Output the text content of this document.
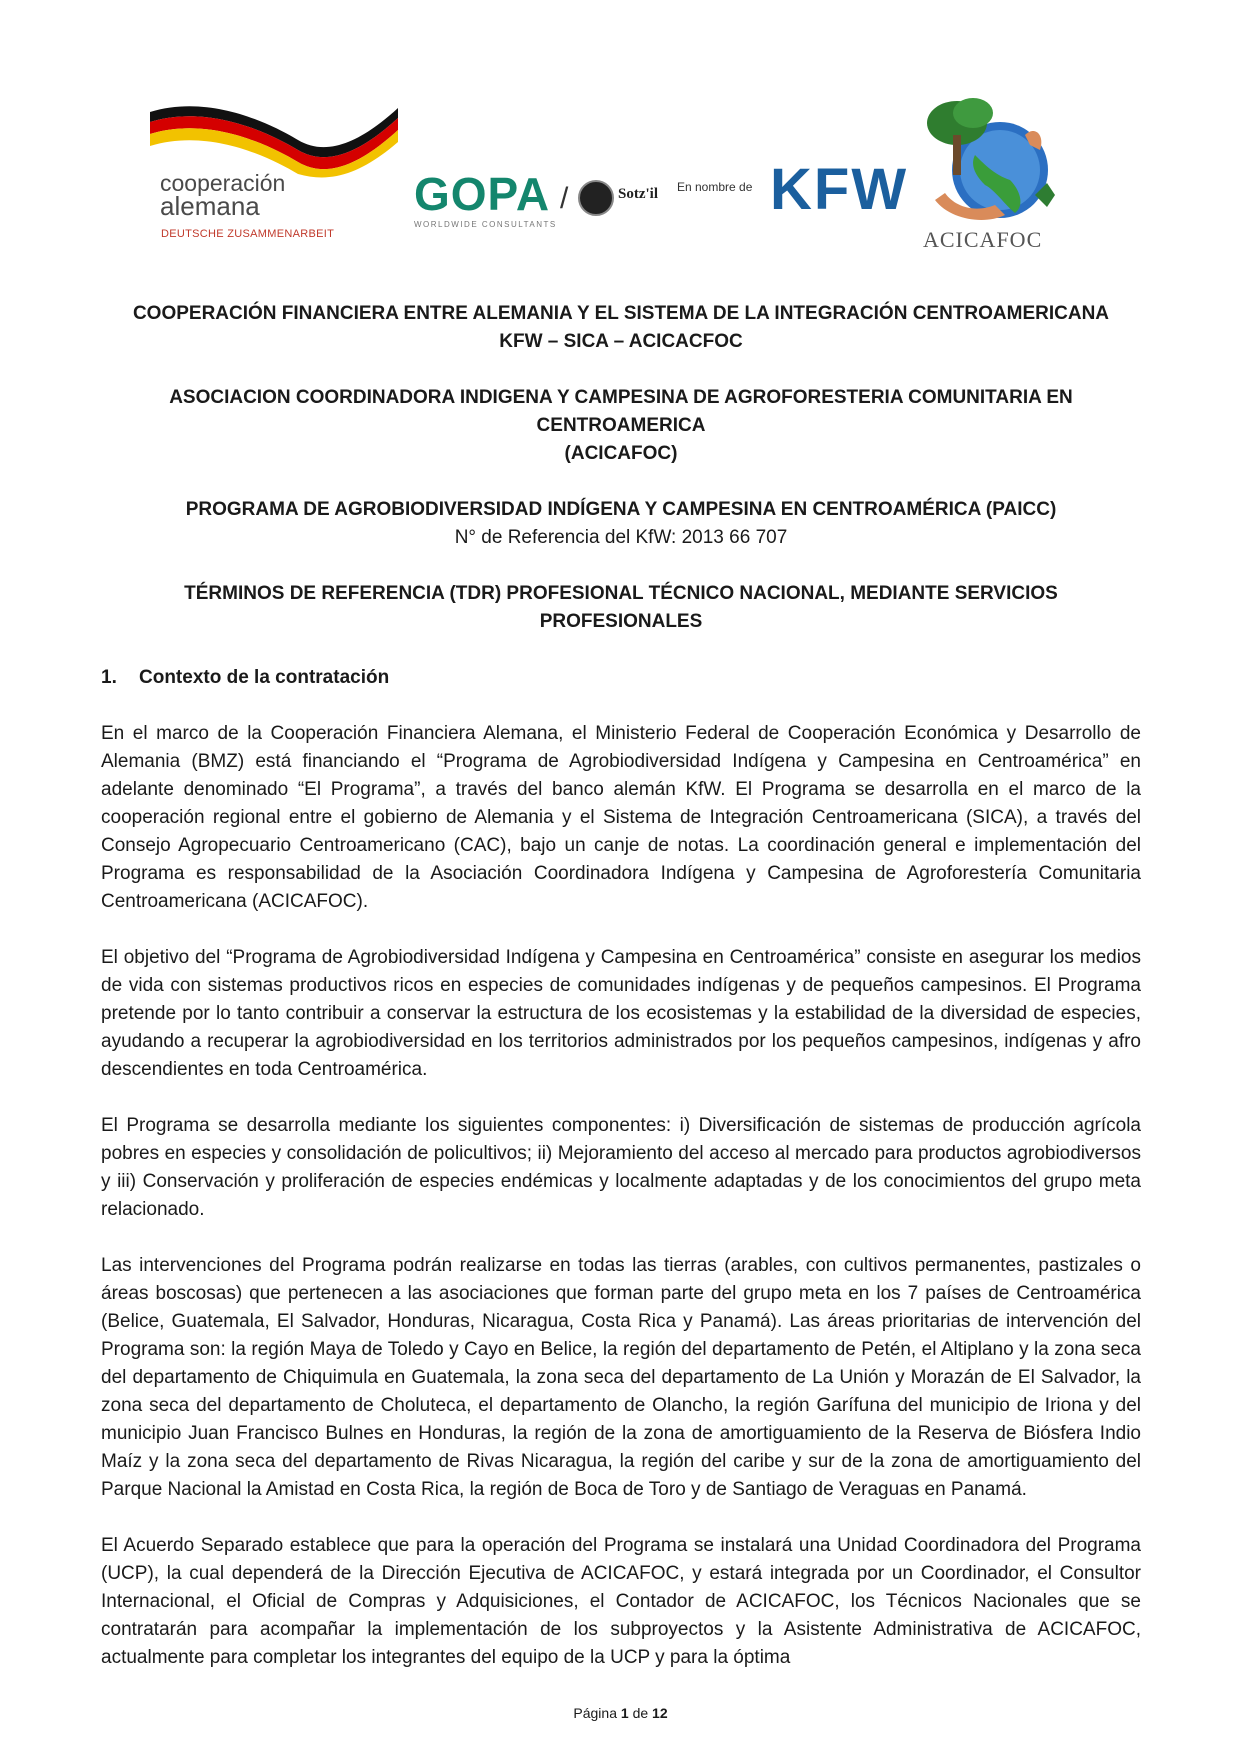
cooperación
alemana
DEUTSCHE ZUSAMMENARBEIT
GOPA
WORLDWIDE CONSULTANTS
/	Sotz'il En nombre de KFW
ACICAFOC

COOPERACIÓN FINANCIERA ENTRE ALEMANIA Y EL SISTEMA DE LA INTEGRACIÓN CENTROAMERICANA

KFW – SICA – ACICACFOC

ASOCIACION COORDINADORA INDIGENA Y CAMPESINA DE AGROFORESTERIA COMUNITARIA EN CENTROAMERICA

(ACICAFOC)

PROGRAMA DE AGROBIODIVERSIDAD INDÍGENA Y CAMPESINA EN CENTROAMÉRICA (PAICC)

N° de Referencia del KfW: 2013 66 707

TÉRMINOS DE REFERENCIA (TDR) PROFESIONAL TÉCNICO NACIONAL, MEDIANTE SERVICIOS PROFESIONALES

1. Contexto de la contratación

En el marco de la Cooperación Financiera Alemana, el Ministerio Federal de Cooperación Económica y Desarrollo de Alemania (BMZ) está financiando el “Programa de Agrobiodiversidad Indígena y Campesina en Centroamérica” en adelante denominado “El Programa”, a través del banco alemán KfW. El Programa se desarrolla en el marco de la cooperación regional entre el gobierno de Alemania y el Sistema de Integración Centroamericana (SICA), a través del Consejo Agropecuario Centroamericano (CAC), bajo un canje de notas. La coordinación general e implementación del Programa es responsabilidad de la Asociación Coordinadora Indígena y Campesina de Agroforestería Comunitaria Centroamericana (ACICAFOC).

El objetivo del “Programa de Agrobiodiversidad Indígena y Campesina en Centroamérica” consiste en asegurar los medios de vida con sistemas productivos ricos en especies de comunidades indígenas y de pequeños campesinos. El Programa pretende por lo tanto contribuir a conservar la estructura de los ecosistemas y la estabilidad de la diversidad de especies, ayudando a recuperar la agrobiodiversidad en los territorios administrados por los pequeños campesinos, indígenas y afro descendientes en toda Centroamérica.

El Programa se desarrolla mediante los siguientes componentes: i) Diversificación de sistemas de producción agrícola pobres en especies y consolidación de policultivos; ii) Mejoramiento del acceso al mercado para productos agrobiodiversos y iii) Conservación y proliferación de especies endémicas y localmente adaptadas y de los conocimientos del grupo meta relacionado.

Las intervenciones del Programa podrán realizarse en todas las tierras (arables, con cultivos permanentes, pastizales o áreas boscosas) que pertenecen a las asociaciones que forman parte del grupo meta en los 7 países de Centroamérica (Belice, Guatemala, El Salvador, Honduras, Nicaragua, Costa Rica y Panamá). Las áreas prioritarias de intervención del Programa son: la región Maya de Toledo y Cayo en Belice, la región del departamento de Petén, el Altiplano y la zona seca del departamento de Chiquimula en Guatemala, la zona seca del departamento de La Unión y Morazán de El Salvador, la zona seca del departamento de Choluteca, el departamento de Olancho, la región Garífuna del municipio de Iriona y del municipio Juan Francisco Bulnes en Honduras, la región de la zona de amortiguamiento de la Reserva de Biósfera Indio Maíz y la zona seca del departamento de Rivas Nicaragua, la región del caribe y sur de la zona de amortiguamiento del Parque Nacional la Amistad en Costa Rica, la región de Boca de Toro y de Santiago de Veraguas en Panamá.

El Acuerdo Separado establece que para la operación del Programa se instalará una Unidad Coordinadora del Programa (UCP), la cual dependerá de la Dirección Ejecutiva de ACICAFOC, y estará integrada por un Coordinador, el Consultor Internacional, el Oficial de Compras y Adquisiciones, el Contador de ACICAFOC, los Técnicos Nacionales que se contratarán para acompañar la implementación de los subproyectos y la Asistente Administrativa de ACICAFOC, actualmente para completar los integrantes del equipo de la UCP y para la óptima

Página 1 de 12
